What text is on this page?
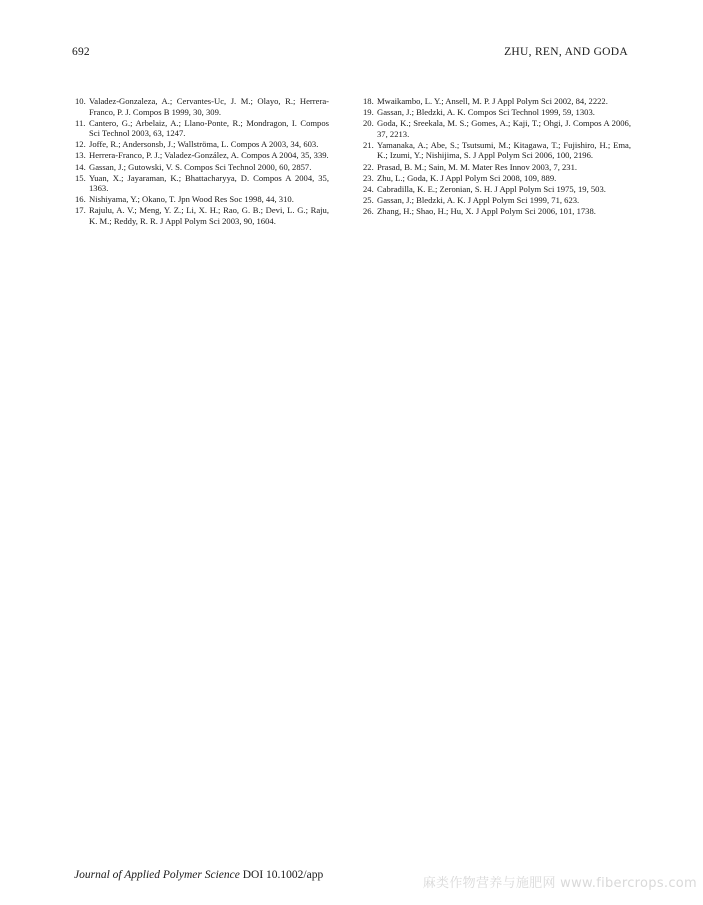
692	ZHU, REN, AND GODA
10. Valadez-Gonzaleza, A.; Cervantes-Uc, J. M.; Olayo, R.; Herrera-Franco, P. J. Compos B 1999, 30, 309.
11. Cantero, G.; Arbelaiz, A.; Llano-Ponte, R.; Mondragon, I. Compos Sci Technol 2003, 63, 1247.
12. Joffe, R.; Andersonsb, J.; Wallströma, L. Compos A 2003, 34, 603.
13. Herrera-Franco, P. J.; Valadez-González, A. Compos A 2004, 35, 339.
14. Gassan, J.; Gutowski, V. S. Compos Sci Technol 2000, 60, 2857.
15. Yuan, X.; Jayaraman, K.; Bhattacharyya, D. Compos A 2004, 35, 1363.
16. Nishiyama, Y.; Okano, T. Jpn Wood Res Soc 1998, 44, 310.
17. Rajulu, A. V.; Meng, Y. Z.; Li, X. H.; Rao, G. B.; Devi, L. G.; Raju, K. M.; Reddy, R. R. J Appl Polym Sci 2003, 90, 1604.
18. Mwaikambo, L. Y.; Ansell, M. P. J Appl Polym Sci 2002, 84, 2222.
19. Gassan, J.; Bledzki, A. K. Compos Sci Technol 1999, 59, 1303.
20. Goda, K.; Sreekala, M. S.; Gomes, A.; Kaji, T.; Ohgi, J. Compos A 2006, 37, 2213.
21. Yamanaka, A.; Abe, S.; Tsutsumi, M.; Kitagawa, T.; Fujishiro, H.; Ema, K.; Izumi, Y.; Nishijima, S. J Appl Polym Sci 2006, 100, 2196.
22. Prasad, B. M.; Sain, M. M. Mater Res Innov 2003, 7, 231.
23. Zhu, L.; Goda, K. J Appl Polym Sci 2008, 109, 889.
24. Cabradilla, K. E.; Zeronian, S. H. J Appl Polym Sci 1975, 19, 503.
25. Gassan, J.; Bledzki, A. K. J Appl Polym Sci 1999, 71, 623.
26. Zhang, H.; Shao, H.; Hu, X. J Appl Polym Sci 2006, 101, 1738.
Journal of Applied Polymer Science DOI 10.1002/app
麻类作物营养与施肥网 www.fibercrops.com
